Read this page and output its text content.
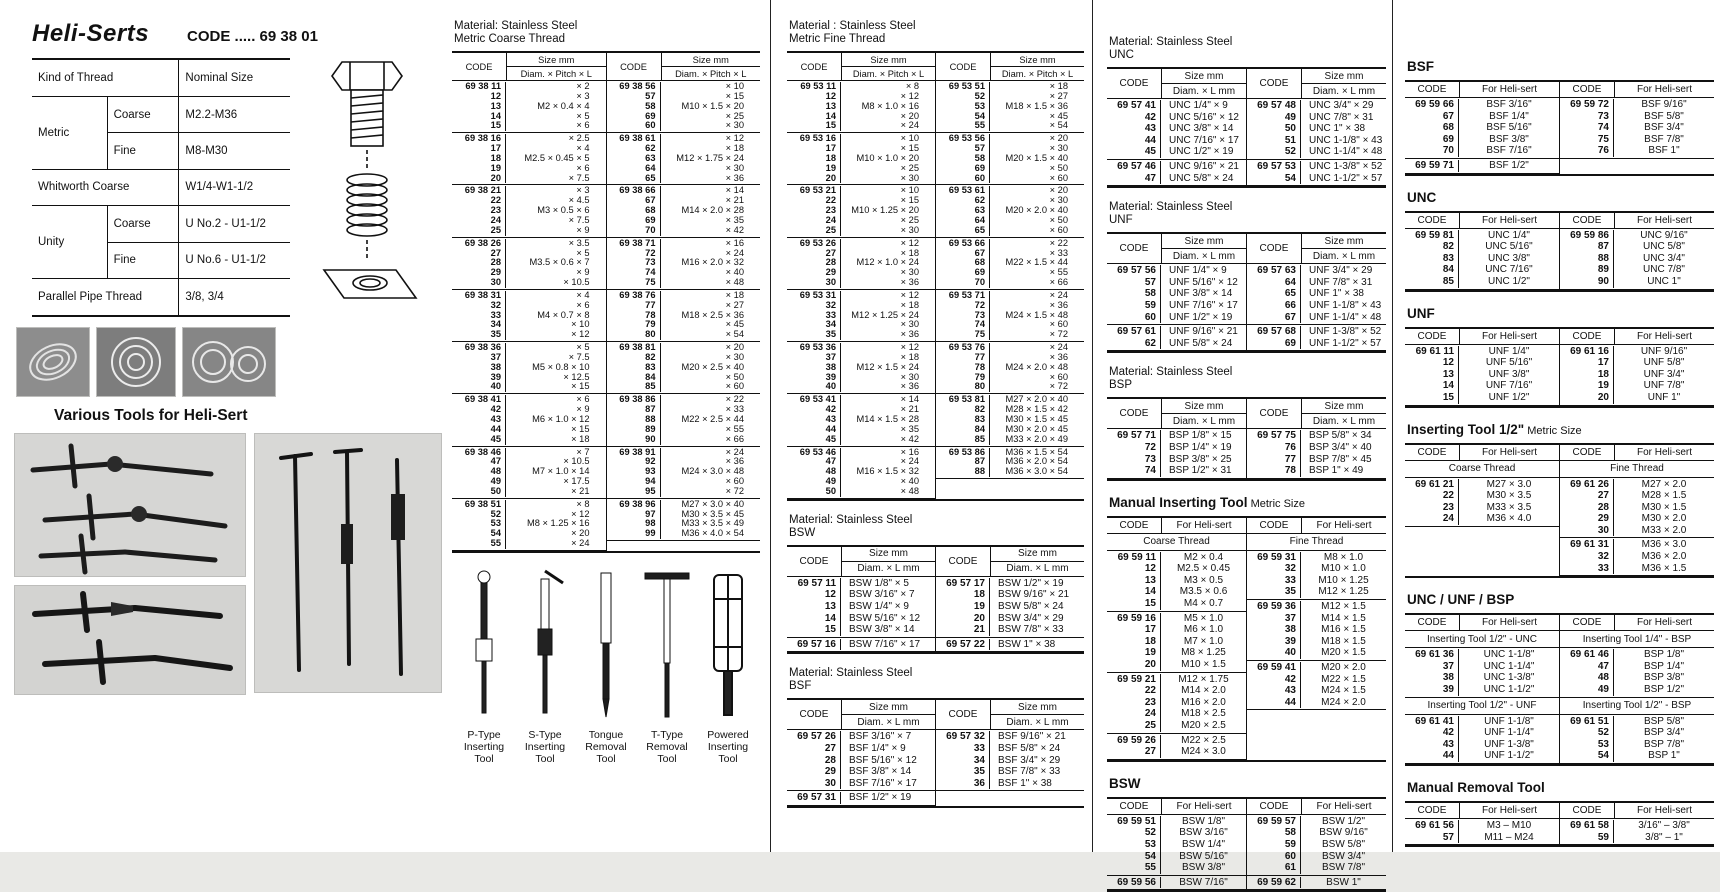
Heli-Serts	CODE ..... 69 38 01
Kind of Thread		Nominal Size
Metric	Coarse	M2.2-M36
	Fine	M8-M30
Whitworth Coarse		W1/4-W1-1/2
Unity	Coarse	U No.2 - U1-1/2
	Fine	U No.6 - U1-1/2
Parallel Pipe Thread		3/8, 3/4
Various Tools for Heli-Sert
Material: Stainless Steel
Metric Coarse Thread
CODE
Size mm
Diam. × Pitch × L
CODE
Size mm
Diam. × Pitch × L
69 38 11	× 2
12	× 3
13	M2 × 0.4 × 4
14	× 5
15	× 6
69 38 16	× 2.5
17	× 4
18	M2.5 × 0.45 × 5
19	× 6
20	× 7.5
69 38 21	× 3
22	× 4.5
23	M3 × 0.5 × 6
24	× 7.5
25	× 9
69 38 26	× 3.5
27	× 5
28	M3.5 × 0.6 × 7
29	× 9
30	× 10.5
69 38 31	× 4
32	× 6
33	M4 × 0.7 × 8
34	× 10
35	× 12
69 38 36	× 5
37	× 7.5
38	M5 × 0.8 × 10
39	× 12.5
40	× 15
69 38 41	× 6
42	× 9
43	M6 × 1.0 × 12
44	× 15
45	× 18
69 38 46	× 7
47	× 10.5
48	M7 × 1.0 × 14
49	× 17.5
50	× 21
69 38 51	× 8
52	× 12
53	M8 × 1.25 × 16
54	× 20
55	× 24
69 38 56	× 10
57	× 15
58	M10 × 1.5 × 20
69	× 25
60	× 30
69 38 61	× 12
62	× 18
63	M12 × 1.75 × 24
64	× 30
65	× 36
69 38 66	× 14
67	× 21
68	M14 × 2.0 × 28
69	× 35
70	× 42
69 38 71	× 16
72	× 24
73	M16 × 2.0 × 32
74	× 40
75	× 48
69 38 76	× 18
77	× 27
78	M18 × 2.5 × 36
79	× 45
80	× 54
69 38 81	× 20
82	× 30
83	M20 × 2.5 × 40
84	× 50
85	× 60
69 38 86	× 22
87	× 33
88	M22 × 2.5 × 44
89	× 55
90	× 66
69 38 91	× 24
92	× 36
93	M24 × 3.0 × 48
94	× 60
95	× 72
69 38 96	M27 × 3.0 × 40
97	M30 × 3.5 × 45
98	M33 × 3.5 × 49
99	M36 × 4.0 × 54
P-Type Inserting Tool
S-Type Inserting Tool
Tongue Removal Tool
T-Type Removal Tool
Powered Inserting Tool
Material : Stainless Steel
Metric Fine Thread
CODE
Size mm
Diam. × Pitch × L
CODE
Size mm
Diam. × Pitch × L
69 53 11	× 8
12	× 12
13	M8 × 1.0 × 16
14	× 20
15	× 24
69 53 16	× 10
17	× 15
18	M10 × 1.0 × 20
19	× 25
20	× 30
69 53 21	× 10
22	× 15
23	M10 × 1.25 × 20
24	× 25
25	× 30
69 53 26	× 12
27	× 18
28	M12 × 1.0 × 24
29	× 30
30	× 36
69 53 31	× 12
32	× 18
33	M12 × 1.25 × 24
34	× 30
35	× 36
69 53 36	× 12
37	× 18
38	M12 × 1.5 × 24
39	× 30
40	× 36
69 53 41	× 14
42	× 21
43	M14 × 1.5 × 28
44	× 35
45	× 42
69 53 46	× 16
47	× 24
48	M16 × 1.5 × 32
49	× 40
50	× 48
69 53 51	× 18
52	× 27
53	M18 × 1.5 × 36
54	× 45
55	× 54
69 53 56	× 20
57	× 30
58	M20 × 1.5 × 40
69	× 50
60	× 60
69 53 61	× 20
62	× 30
63	M20 × 2.0 × 40
64	× 50
65	× 60
69 53 66	× 22
67	× 33
68	M22 × 1.5 × 44
69	× 55
70	× 66
69 53 71	× 24
72	× 36
73	M24 × 1.5 × 48
74	× 60
75	× 72
69 53 76	× 24
77	× 36
78	M24 × 2.0 × 48
79	× 60
80	× 72
69 53 81	M27 × 2.0 × 40
82	M28 × 1.5 × 42
83	M30 × 1.5 × 45
84	M30 × 2.0 × 45
85	M33 × 2.0 × 49
69 53 86	M36 × 1.5 × 54
87	M36 × 2.0 × 54
88	M36 × 3.0 × 54
Material: Stainless Steel
BSW
CODE
Size mm
Diam. × L mm
CODE
Size mm
Diam. × L mm
69 57 11	BSW 1/8" × 5
12	BSW 3/16" × 7
13	BSW 1/4" × 9
14	BSW 5/16" × 12
15	BSW 3/8" × 14
69 57 16	BSW 7/16" × 17
69 57 17	BSW 1/2" × 19
18	BSW 9/16" × 21
19	BSW 5/8" × 24
20	BSW 3/4" × 29
21	BSW 7/8" × 33
69 57 22	BSW 1" × 38
Material: Stainless Steel
BSF
CODE
Size mm
Diam. × L mm
CODE
Size mm
Diam. × L mm
69 57 26	BSF 3/16" × 7
27	BSF 1/4" × 9
28	BSF 5/16" × 12
29	BSF 3/8" × 14
30	BSF 7/16" × 17
69 57 31	BSF 1/2" × 19
69 57 32	BSF 9/16" × 21
33	BSF 5/8" × 24
34	BSF 3/4" × 29
35	BSF 7/8" × 33
36	BSF 1" × 38
Material: Stainless Steel
UNC
CODE
Size mm
Diam. × L mm
CODE
Size mm
Diam. × L mm
69 57 41	UNC 1/4" × 9
42	UNC 5/16" × 12
43	UNC 3/8" × 14
44	UNC 7/16" × 17
45	UNC 1/2" × 19
69 57 46	UNC 9/16" × 21
47	UNC 5/8" × 24
69 57 48	UNC 3/4" × 29
49	UNC 7/8" × 31
50	UNC 1" × 38
51	UNC 1-1/8" × 43
52	UNC 1-1/4" × 48
69 57 53	UNC 1-3/8" × 52
54	UNC 1-1/2" × 57
Material: Stainless Steel
UNF
CODE
Size mm
Diam. × L mm
CODE
Size mm
Diam. × L mm
69 57 56	UNF 1/4" × 9
57	UNF 5/16" × 12
58	UNF 3/8" × 14
59	UNF 7/16" × 17
60	UNF 1/2" × 19
69 57 61	UNF 9/16" × 21
62	UNF 5/8" × 24
69 57 63	UNF 3/4" × 29
64	UNF 7/8" × 31
65	UNF 1" × 38
66	UNF 1-1/8" × 43
67	UNF 1-1/4" × 48
69 57 68	UNF 1-3/8" × 52
69	UNF 1-1/2" × 57
Material: Stainless Steel
BSP
CODE
Size mm
Diam. × L mm
CODE
Size mm
Diam. × L mm
69 57 71	BSP 1/8" × 15
72	BSP 1/4" × 19
73	BSP 3/8" × 25
74	BSP 1/2" × 31
69 57 75	BSP 5/8" × 34
76	BSP 3/4" × 40
77	BSP 7/8" × 45
78	BSP 1" × 49
Manual Inserting Tool Metric Size
CODE	For Heli-sert	CODE	For Heli-sert
Coarse Thread
69 59 11	M2 × 0.4
12	M2.5 × 0.45
13	M3 × 0.5
14	M3.5 × 0.6
15	M4 × 0.7
69 59 16	M5 × 1.0
17	M6 × 1.0
18	M7 × 1.0
19	M8 × 1.25
20	M10 × 1.5
69 59 21	M12 × 1.75
22	M14 × 2.0
23	M16 × 2.0
24	M18 × 2.5
25	M20 × 2.5
69 59 26	M22 × 2.5
27	M24 × 3.0
Fine Thread
69 59 31	M8 × 1.0
32	M10 × 1.0
33	M10 × 1.25
35	M12 × 1.25
69 59 36	M12 × 1.5
37	M14 × 1.5
38	M16 × 1.5
39	M18 × 1.5
40	M20 × 1.5
69 59 41	M20 × 2.0
42	M22 × 1.5
43	M24 × 1.5
44	M24 × 2.0
BSW
CODE	For Heli-sert	CODE	For Heli-sert
69 59 51	BSW 1/8"
52	BSW 3/16"
53	BSW 1/4"
54	BSW 5/16"
55	BSW 3/8"
69 59 56	BSW 7/16"
69 59 57	BSW 1/2"
58	BSW 9/16"
59	BSW 5/8"
60	BSW 3/4"
61	BSW 7/8"
69 59 62	BSW 1"
BSF
CODE	For Heli-sert	CODE	For Heli-sert
69 59 66	BSF 3/16"
67	BSF 1/4"
68	BSF 5/16"
69	BSF 3/8"
70	BSF 7/16"
69 59 71	BSF 1/2"
69 59 72	BSF 9/16"
73	BSF 5/8"
74	BSF 3/4"
75	BSF 7/8"
76	BSF 1"
UNC
CODE	For Heli-sert	CODE	For Heli-sert
69 59 81	UNC 1/4"
82	UNC 5/16"
83	UNC 3/8"
84	UNC 7/16"
85	UNC 1/2"
69 59 86	UNC 9/16"
87	UNC 5/8"
88	UNC 3/4"
89	UNC 7/8"
90	UNC 1"
UNF
CODE	For Heli-sert	CODE	For Heli-sert
69 61 11	UNF 1/4"
12	UNF 5/16"
13	UNF 3/8"
14	UNF 7/16"
15	UNF 1/2"
69 61 16	UNF 9/16"
17	UNF 5/8"
18	UNF 3/4"
19	UNF 7/8"
20	UNF 1"
Inserting Tool 1/2" Metric Size
CODE	For Heli-sert	CODE	For Heli-sert
Coarse Thread
69 61 21	M27 × 3.0
22	M30 × 3.5
23	M33 × 3.5
24	M36 × 4.0
Fine Thread
69 61 26	M27 × 2.0
27	M28 × 1.5
28	M30 × 1.5
29	M30 × 2.0
30	M33 × 2.0
69 61 31	M36 × 3.0
32	M36 × 2.0
33	M36 × 1.5
UNC / UNF / BSP
CODE	For Heli-sert	CODE	For Heli-sert
Inserting Tool 1/2" - UNC
69 61 36	UNC 1-1/8"
37	UNC 1-1/4"
38	UNC 1-3/8"
39	UNC 1-1/2"
Inserting Tool 1/2" - UNF
69 61 41	UNF 1-1/8"
42	UNF 1-1/4"
43	UNF 1-3/8"
44	UNF 1-1/2"
Inserting Tool 1/4" - BSP
69 61 46	BSP 1/8"
47	BSP 1/4"
48	BSP 3/8"
49	BSP 1/2"
Inserting Tool 1/2" - BSP
69 61 51	BSP 5/8"
52	BSP 3/4"
53	BSP 7/8"
54	BSP 1"
Manual Removal Tool
CODE	For Heli-sert	CODE	For Heli-sert
69 61 56	M3 – M10
57	M11 – M24
69 61 58	3/16" – 3/8"
59	3/8" – 1"
